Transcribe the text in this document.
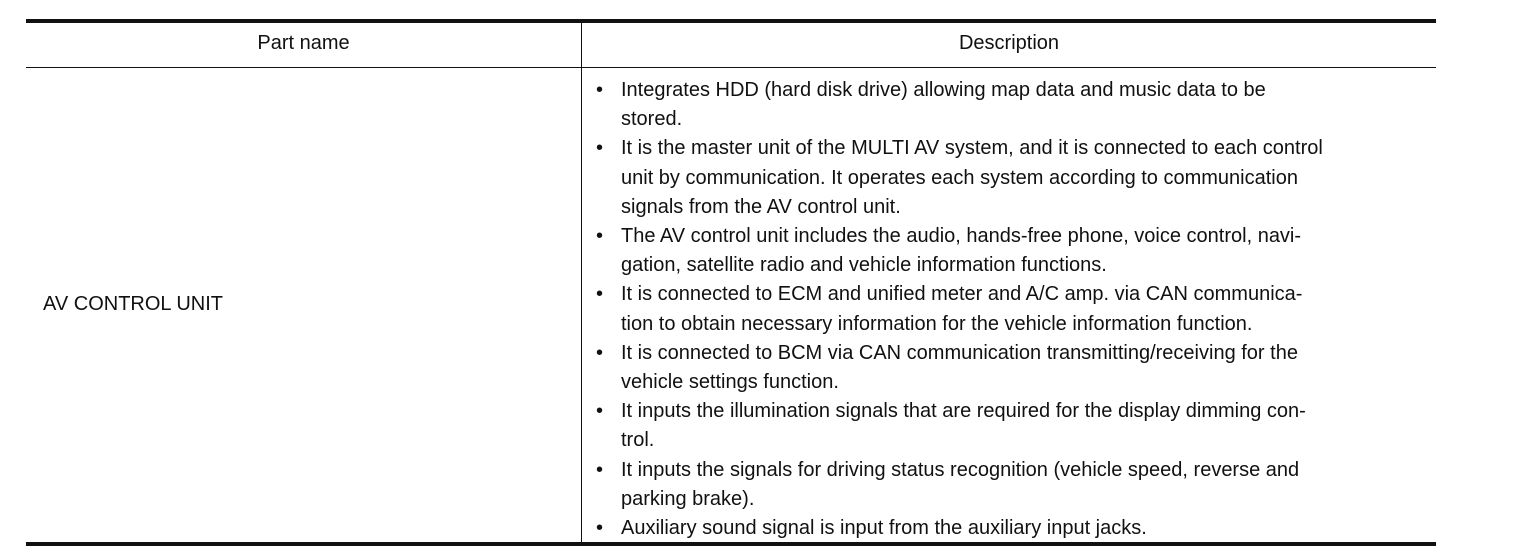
Part name	Description
AV CONTROL UNIT
• Integrates HDD (hard disk drive) allowing map data and music data to be
stored.
• It is the master unit of the MULTI AV system, and it is connected to each control
unit by communication. It operates each system according to communication
signals from the AV control unit.
• The AV control unit includes the audio, hands-free phone, voice control, navi-
gation, satellite radio and vehicle information functions.
• It is connected to ECM and unified meter and A/C amp. via CAN communica-
tion to obtain necessary information for the vehicle information function.
• It is connected to BCM via CAN communication transmitting/receiving for the
vehicle settings function.
• It inputs the illumination signals that are required for the display dimming con-
trol.
• It inputs the signals for driving status recognition (vehicle speed, reverse and
parking brake).
• Auxiliary sound signal is input from the auxiliary input jacks.
